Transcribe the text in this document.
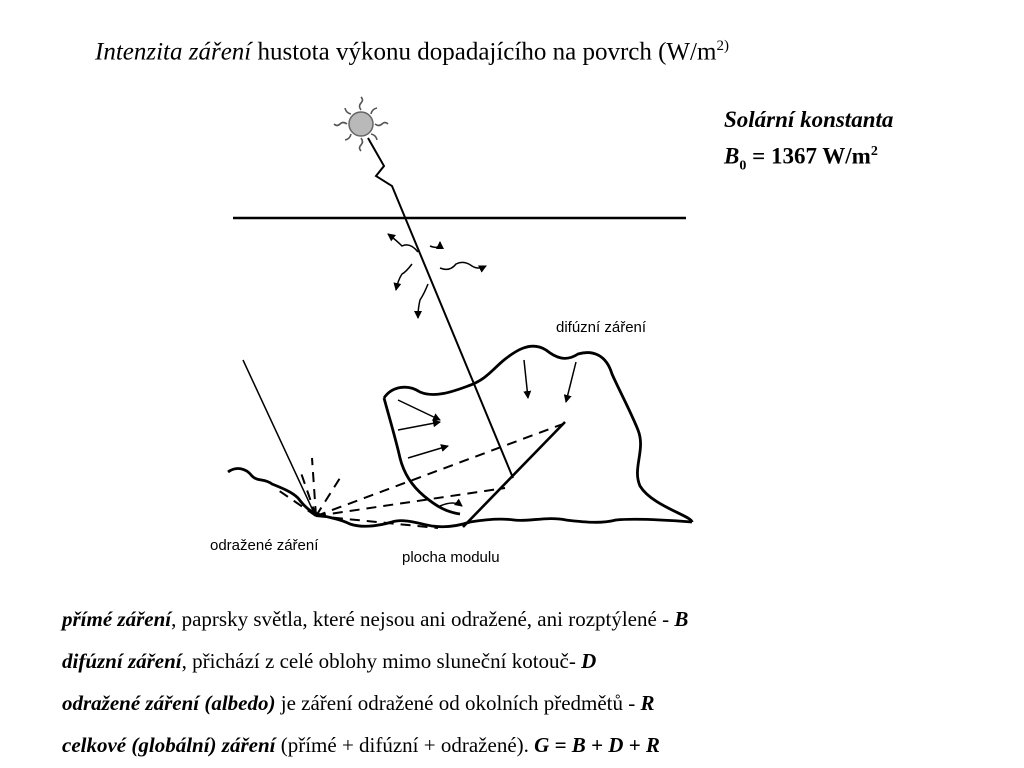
Intenzita záření hustota výkonu dopadajícího na povrch ($W/m^{2)}$
Solární konstanta
$B_0 = 1367$ $W/m^2$
difúzní záření
odražené záření
plocha modulu
přímé záření, paprsky světla, které nejsou ani odražené, ani rozptýlené - B
difúzní záření, přichází z celé oblohy mimo sluneční kotouč- D
odražené záření (albedo) je záření odražené od okolních předmětů - R
celkové (globální) záření (přímé + difúzní + odražené). G = B + D + R
